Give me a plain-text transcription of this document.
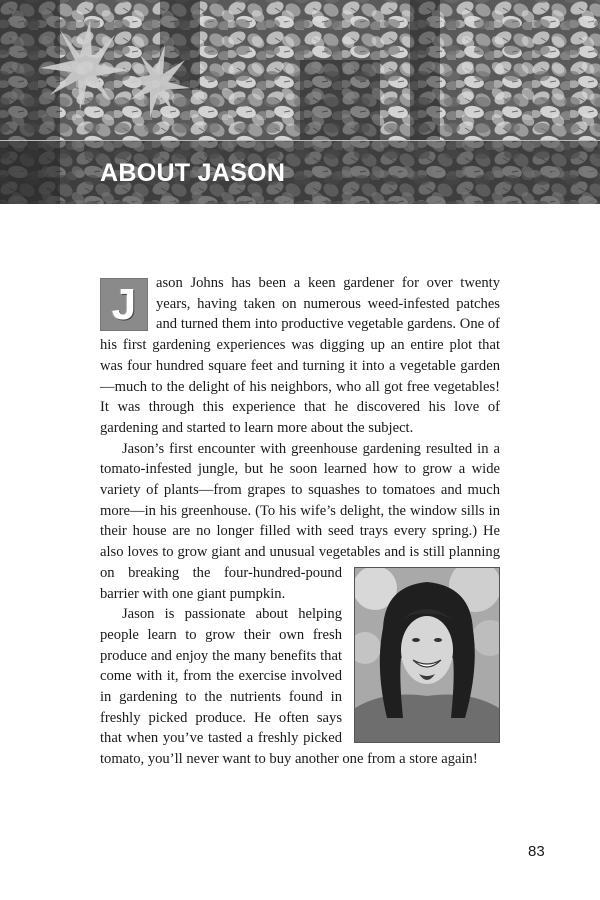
ABOUT JASON

J	ason Johns has been a keen gardener for over twenty years, having taken on numerous weed-infested patches and turned them into productive vegetable gardens. One of his first gardening experiences was digging up an entire plot that was four hundred square feet and turning it into a vegetable garden—much to the delight of his neighbors, who all got free vegetables! It was through this experience that he discovered his love of gardening and started to learn more about the subject.

Jason’s first encounter with greenhouse gardening resulted in a tomato-infested jungle, but he soon learned how to grow a wide variety of plants—from grapes to squashes to tomatoes and much more—in his greenhouse. (To his wife’s delight, the window sills in their house are no longer filled with seed trays every spring.) He also loves to grow giant and unusual vegetables and is still planning
on breaking the four-hundred-pound barrier with one giant pumpkin.

Jason is passionate about helping people learn to grow their own fresh produce and enjoy the many benefits that come with it, from the exercise involved in gardening to the nutrients found in freshly picked produce. He often says that when you’ve tasted a freshly picked tomato, you’ll never want to buy another one from a store again!

83
